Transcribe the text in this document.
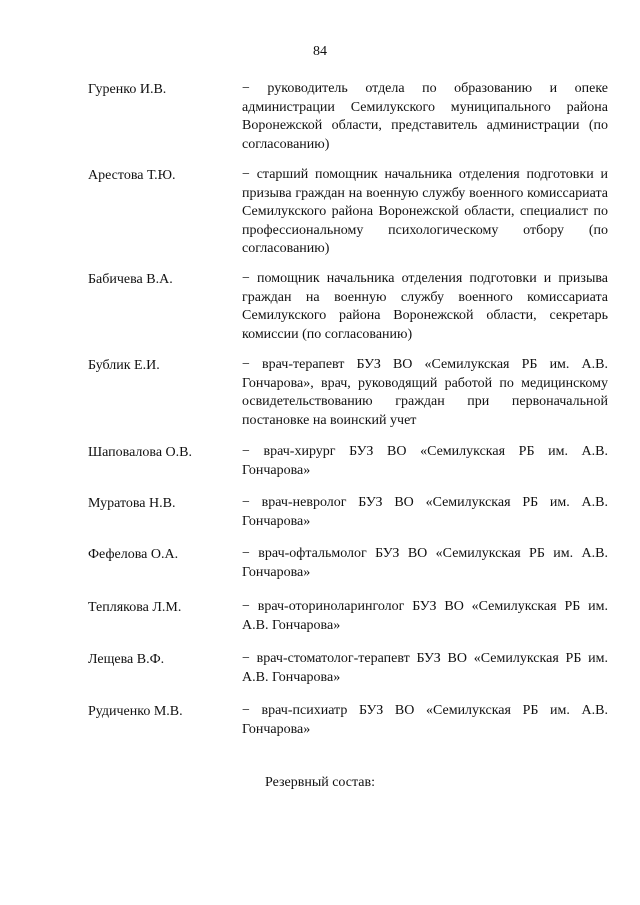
84
Гуренко И.В.	− руководитель отдела по образованию и опеке администрации Семилукского муниципального района Воронежской области, представитель администрации (по согласованию)
Арестова Т.Ю.	− старший помощник начальника отделения подготовки и призыва граждан на военную службу военного комиссариата Семилукского района Воронежской области, специалист по профессиональному психологическому отбору (по согласованию)
Бабичева В.А.	− помощник начальника отделения подготовки и призыва граждан на военную службу военного комиссариата Семилукского района Воронежской области, секретарь комиссии (по согласованию)
Бублик Е.И.	− врач-терапевт БУЗ ВО «Семилукская РБ им. А.В. Гончарова», врач, руководящий работой по медицинскому освидетельствованию граждан при первоначальной постановке на воинский учет
Шаповалова О.В.	− врач-хирург БУЗ ВО «Семилукская РБ им. А.В. Гончарова»
Муратова Н.В.	− врач-невролог БУЗ ВО «Семилукская РБ им. А.В. Гончарова»
Фефелова О.А.	− врач-офтальмолог БУЗ ВО «Семилукская РБ им. А.В. Гончарова»
Теплякова Л.М.	− врач-оториноларинголог БУЗ ВО «Семилукская РБ им. А.В. Гончарова»
Лещева В.Ф.	− врач-стоматолог-терапевт БУЗ ВО «Семилукская РБ им. А.В. Гончарова»
Рудиченко М.В.	− врач-психиатр БУЗ ВО «Семилукская РБ им. А.В. Гончарова»
Резервный состав:
